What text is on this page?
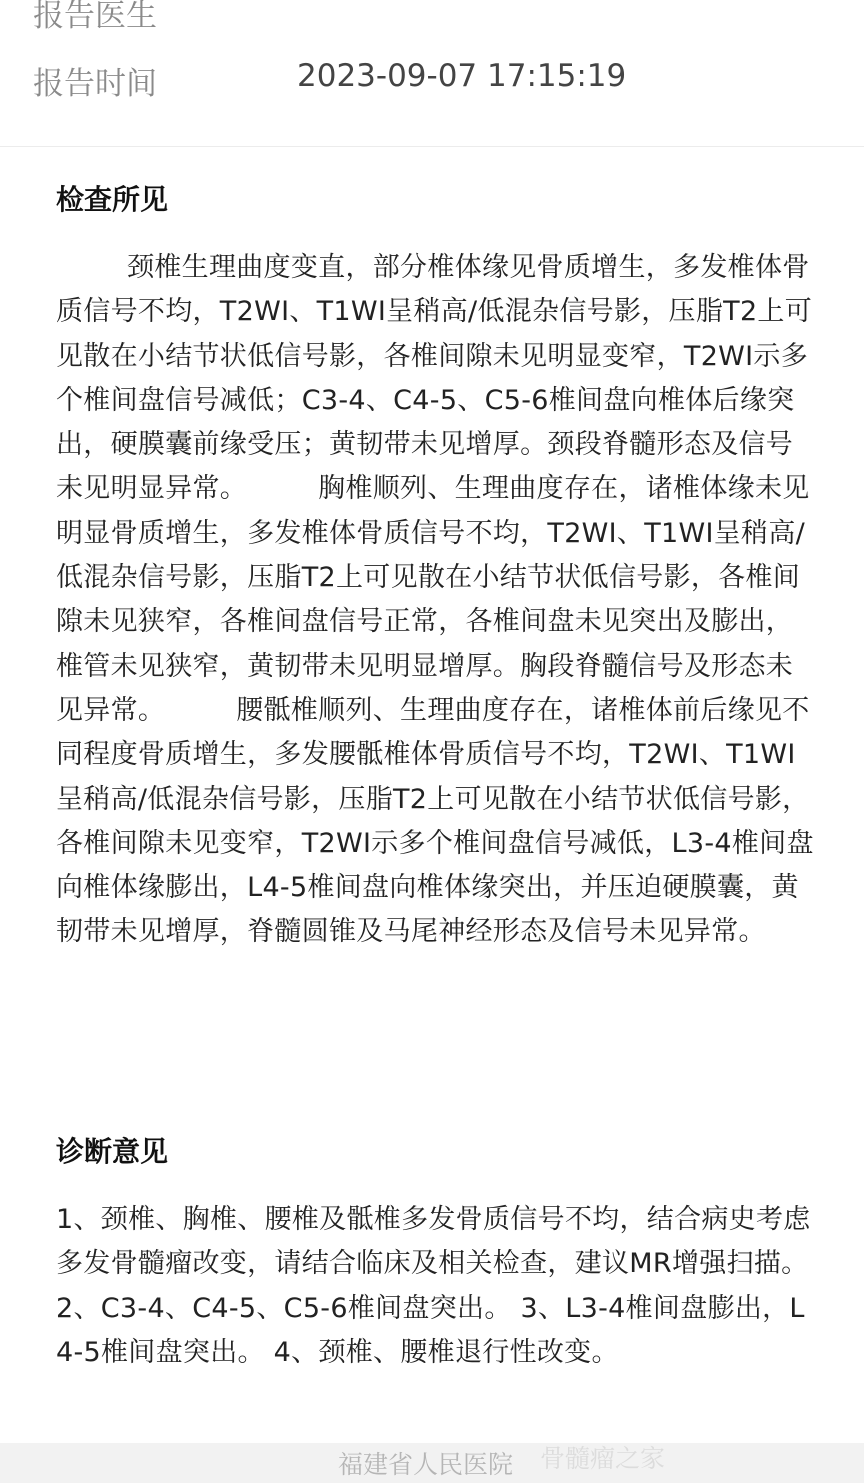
报告医生
报告时间	2023-09-07 17:15:19
检查所见
颈椎生理曲度变直，部分椎体缘见骨质增生，多发椎体骨质信号不均，T2WI、T1WI呈稍高/低混杂信号影，压脂T2上可见散在小结节状低信号影，各椎间隙未见明显变窄，T2WI示多个椎间盘信号减低；C3-4、C4-5、C5-6椎间盘向椎体后缘突出，硬膜囊前缘受压；黄韧带未见增厚。颈段脊髓形态及信号未见明显异常。        胸椎顺列、生理曲度存在，诸椎体缘未见明显骨质增生，多发椎体骨质信号不均，T2WI、T1WI呈稍高/低混杂信号影，压脂T2上可见散在小结节状低信号影，各椎间隙未见狭窄，各椎间盘信号正常，各椎间盘未见突出及膨出，椎管未见狭窄，黄韧带未见明显增厚。胸段脊髓信号及形态未见异常。        腰骶椎顺列、生理曲度存在，诸椎体前后缘见不同程度骨质增生，多发腰骶椎体骨质信号不均，T2WI、T1WI呈稍高/低混杂信号影，压脂T2上可见散在小结节状低信号影，各椎间隙未见变窄，T2WI示多个椎间盘信号减低，L3-4椎间盘向椎体缘膨出，L4-5椎间盘向椎体缘突出，并压迫硬膜囊，黄韧带未见增厚，脊髓圆锥及马尾神经形态及信号未见异常。
诊断意见
1、颈椎、胸椎、腰椎及骶椎多发骨质信号不均，结合病史考虑多发骨髓瘤改变，请结合临床及相关检查，建议MR增强扫描。 2、C3-4、C4-5、C5-6椎间盘突出。 3、L3-4椎间盘膨出，L4-5椎间盘突出。 4、颈椎、腰椎退行性改变。
福建省人民医院 骨髓瘤之家
